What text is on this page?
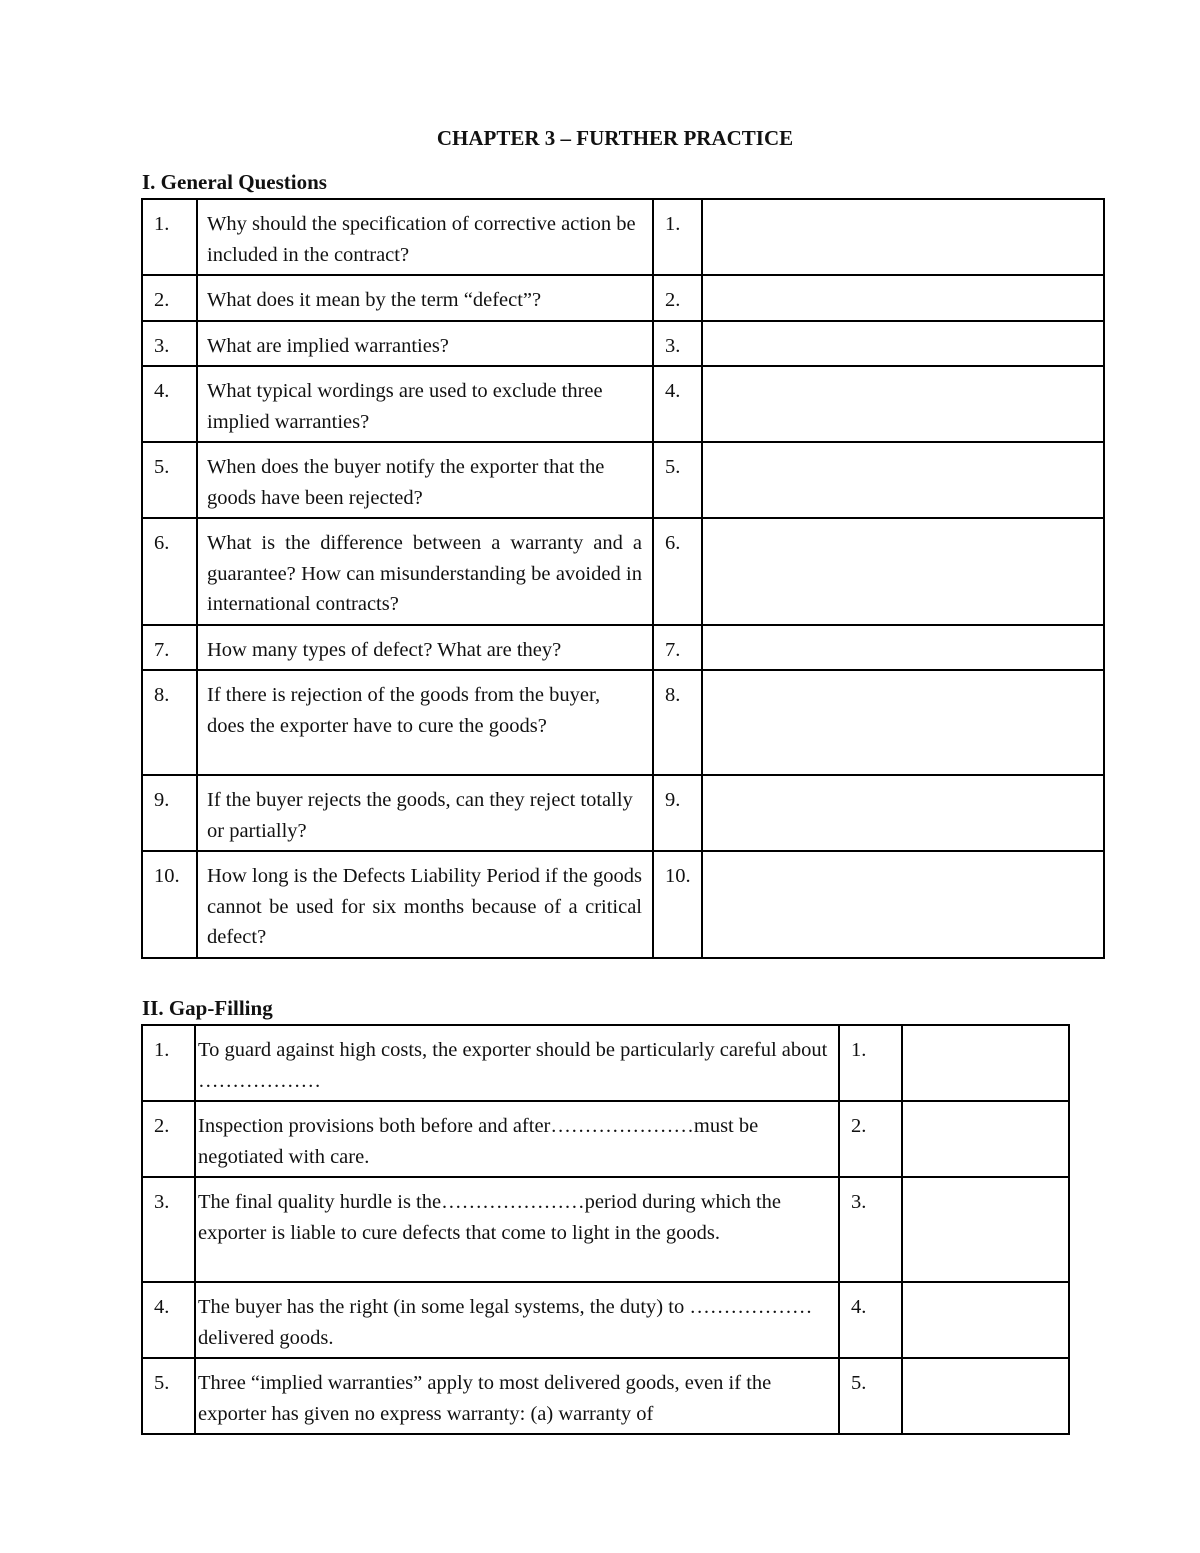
CHAPTER 3 – FURTHER PRACTICE
I. General Questions
1.	Why should the specification of corrective action be included in the contract?	1.	
2.	What does it mean by the term “defect”?	2.	
3.	What are implied warranties?	3.	
4.	What typical wordings are used to exclude three implied warranties?	4.	
5.	When does the buyer notify the exporter that the goods have been rejected?	5.	
6.	What is the difference between a warranty and a guarantee? How can misunderstanding be avoided in international contracts?	6.	
7.	How many types of defect? What are they?	7.	
8.	If there is rejection of the goods from the buyer, does the exporter have to cure the goods?	8.	
9.	If the buyer rejects the goods, can they reject totally or partially?	9.	
10.	How long is the Defects Liability Period if the goods cannot be used for six months because of a critical defect?	10.	
II. Gap-Filling
1.	To guard against high costs, the exporter should be particularly careful about ………………	1.	
2.	Inspection provisions both before and after…………………must be negotiated with care.	2.	
3.	The final quality hurdle is the…………………period during which the exporter is liable to cure defects that come to light in the goods.	3.	
4.	The buyer has the right (in some legal systems, the duty) to ……………… delivered goods.	4.	
5.	Three “implied warranties” apply to most delivered goods, even if the exporter has given no express warranty: (a) warranty of	5.	
